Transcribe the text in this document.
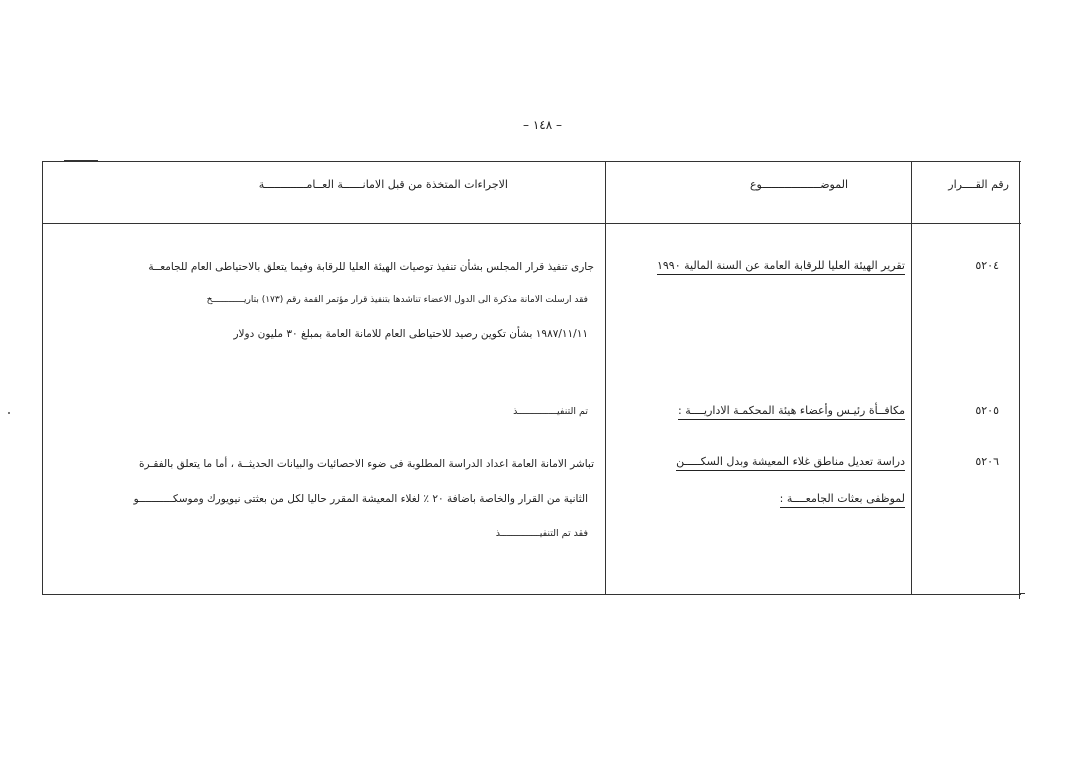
– ١٤٨ –
رقم القــــرار
الموضــــــــــــــــــوع
الاجراءات المتخذة من قبل الامانــــــة العــامـــــــــــــة
٥٢٠٤
تقرير الهيئة العليا للرقابة العامة عن السنة المالية ١٩٩٠
جارى تنفيذ قرار المجلس بشأن تنفيذ توصيات الهيئة العليا للرقابة وفيما يتعلق بالاحتياطى العام للجامعــة
فقد ارسلت الامانة مذكرة الى الدول الاعضاء تناشدها بتنفيذ قرار مؤتمر القمة رقم (١٧٣) بتاريــــــــــــخ
١٩٨٧/١١/١١ بشأن تكوين رصيد للاحتياطى العام للامانة العامة بمبلغ ٣٠ مليون دولار
٥٢٠٥
مكافــأة رئيـس وأعضاء هيئة المحكمـة الاداريــــة :
تم التنفيــــــــــــــذ
٥٢٠٦
دراسة تعديل مناطق غلاء المعيشة وبدل السكـــــن
لموظفى بعثات الجامعــــة :
تباشر الامانة العامة اعداد الدراسة المطلوبة فى ضوء الاحصائيات والبيانات الحديثــة ، أما ما يتعلق بالفقـرة
الثانية من القرار والخاصة باضافة ٢٠ ٪ لغلاء المعيشة المقرر حاليا لكل من بعثتى نيويورك وموسكـــــــــــو
فقد تم التنفيــــــــــــــذ
